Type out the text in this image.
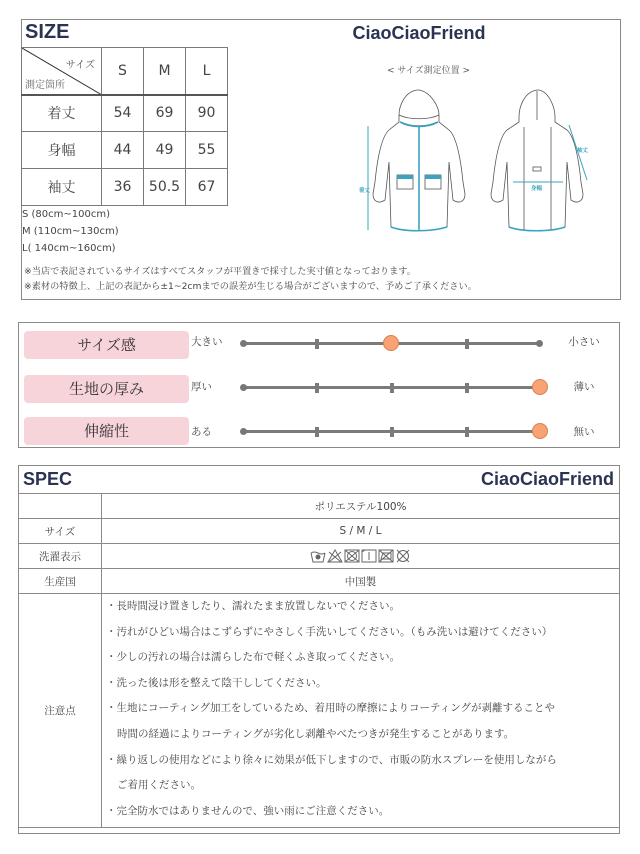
SIZE	CiaoCiaoFriend
< サイズ測定位置 >
サイズ
測定箇所	S	M	L
着丈	54	69	90
身幅	44	49	55
袖丈	36	50.5	67
S (80cm~100cm)
M (110cm~130cm)
L( 140cm~160cm)
※当店で表記されているサイズはすべてスタッフが平置きで採寸した実寸値となっております。
※素材の特徴上、上記の表記から±1~2cmまでの誤差が生じる場合がございますので、予めご了承ください。
着丈	身幅
袖丈
サイズ感	大きい	小さい
生地の厚み	厚い	薄い
伸縮性	ある	無い
SPEC	CiaoCiaoFriend
	ポリエステル100%
サイズ	S / M / L
洗濯表示	

生産国	中国製
注意点	
・長時間浸け置きしたり、濡れたまま放置しないでください。
・汚れがひどい場合はこずらずにやさしく手洗いしてください。（もみ洗いは避けてください）
・少しの汚れの場合は濡らした布で軽くふき取ってください。
・洗った後は形を整えて陰干ししてください。
・生地にコーティング加工をしているため、着用時の摩擦によりコーティングが剥離することや
時間の経過によりコーティングが劣化し剥離やべたつきが発生することがあります。
・繰り返しの使用などにより徐々に効果が低下しますので、市販の防水スプレーを使用しながら
ご着用ください。
・完全防水ではありませんので、強い雨にご注意ください。
